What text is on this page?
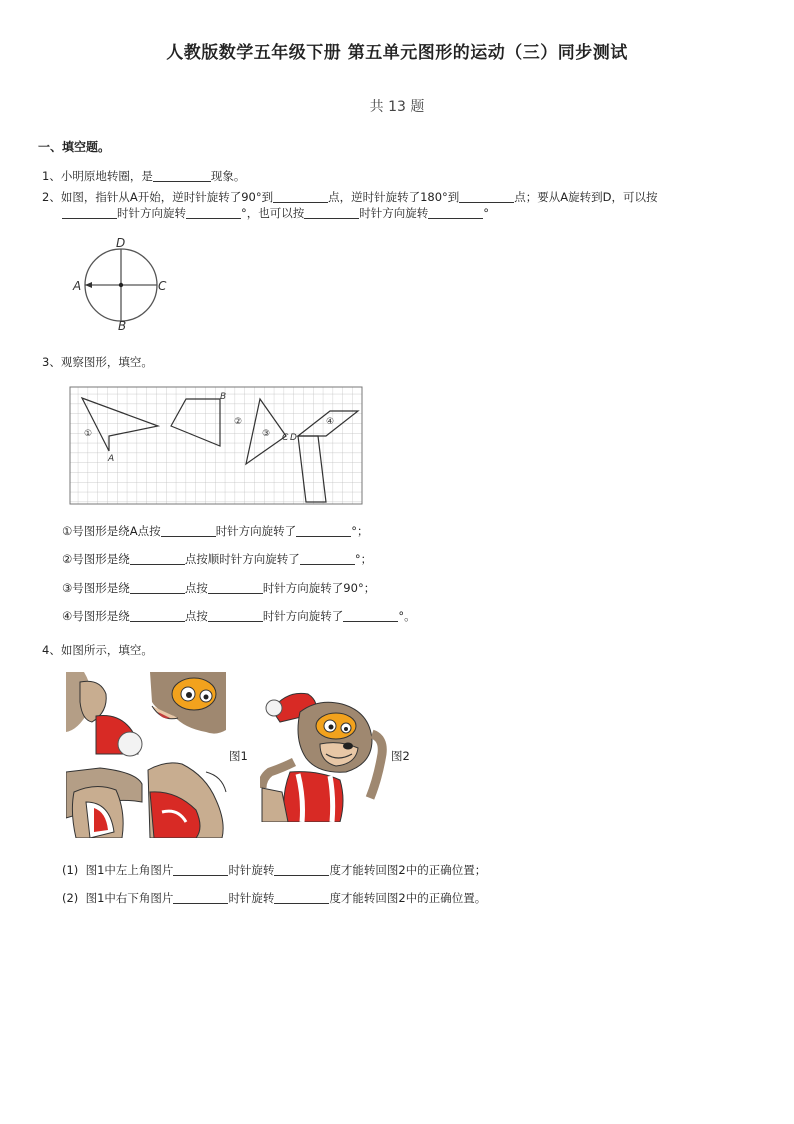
人教版数学五年级下册 第五单元图形的运动（三）同步测试
共 13 题
一、填空题。
1、小明原地转圈，是	现象。
2、如图，指针从A开始，逆时针旋转了90°到	点，逆时针旋转了180°到	点；要从A旋转到D，可以按
时针方向旋转	°，也可以按	时针方向旋转	°
D
A	C
B
3、观察图形，填空。
①
A
B
②
③ C D
④
①号图形是绕A点按	时针方向旋转了	°；
②号图形是绕	点按顺时针方向旋转了	°；
③号图形是绕	点按	时针方向旋转了90°；
④号图形是绕	点按	时针方向旋转了	°。
4、如图所示，填空。
图1	图2
(1) 图1中左上角图片	时针旋转	度才能转回图2中的正确位置；
(2) 图1中右下角图片	时针旋转	度才能转回图2中的正确位置。
